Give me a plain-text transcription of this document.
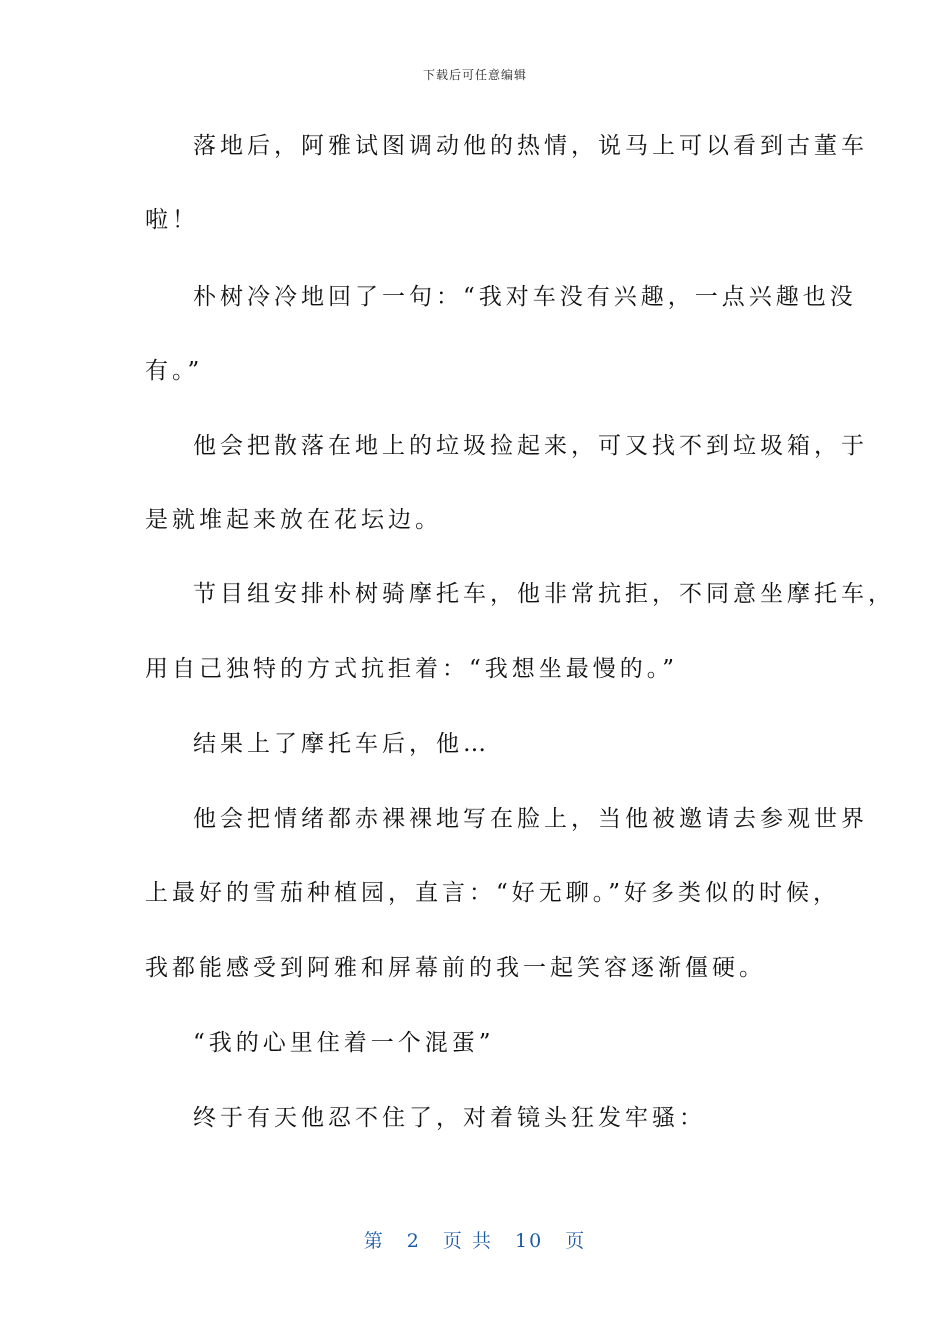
下载后可任意编辑
落地后，阿雅试图调动他的热情，说马上可以看到古董车
啦！
朴树冷冷地回了一句：“我对车没有兴趣，一点兴趣也没
有。”
他会把散落在地上的垃圾捡起来，可又找不到垃圾箱，于
是就堆起来放在花坛边。
节目组安排朴树骑摩托车，他非常抗拒，不同意坐摩托车，
用自己独特的方式抗拒着：“我想坐最慢的。”
结果上了摩托车后，他…
他会把情绪都赤裸裸地写在脸上，当他被邀请去参观世界
上最好的雪茄种植园，直言：“好无聊。”好多类似的时候，
我都能感受到阿雅和屏幕前的我一起笑容逐渐僵硬。
“我的心里住着一个混蛋”
终于有天他忍不住了，对着镜头狂发牢骚：
第 2 页 共 10 页
